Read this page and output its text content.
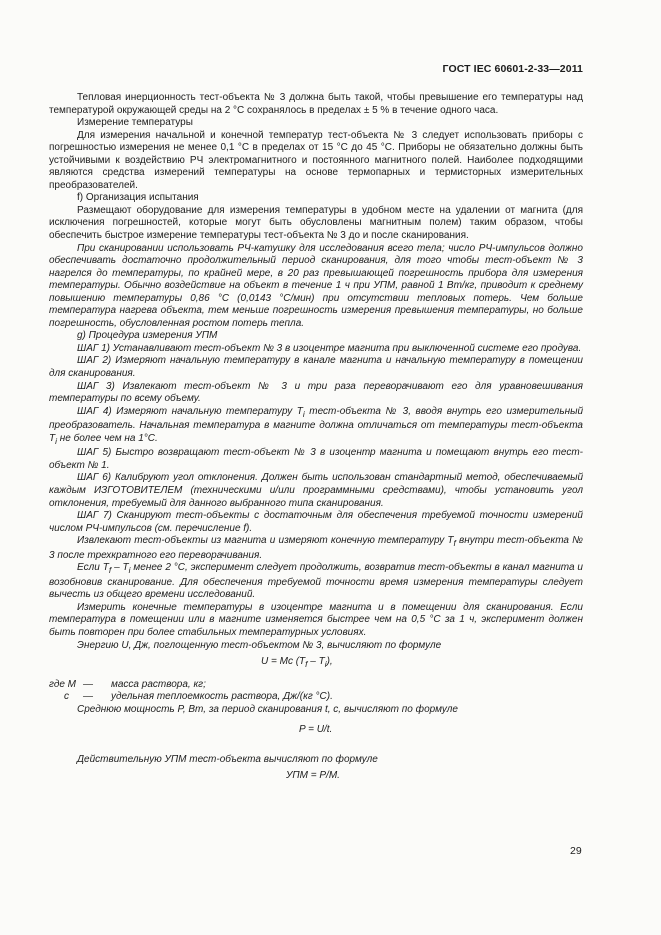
ГОСТ IEC 60601-2-33—2011

Тепловая инерционность тест-объекта № 3 должна быть такой, чтобы превышение его температуры над температурой окружающей среды на 2 °С сохранялось в пределах ± 5 % в течение одного часа.

Измерение температуры

Для измерения начальной и конечной температур тест-объекта № 3 следует использовать приборы с погрешностью измерения не менее 0,1 °С в пределах от 15 °С до 45 °С. Приборы не обязательно должны быть устойчивыми к воздействию РЧ электромагнитного и постоянного магнитного полей. Наиболее подходящими являются средства измерений температуры на основе термопарных и термисторных измерительных преобразователей.

f) Организация испытания

Размещают оборудование для измерения температуры в удобном месте на удалении от магнита (для исключения погрешностей, которые могут быть обусловлены магнитным полем) таким образом, чтобы обеспечить быстрое измерение температуры тест-объекта № 3 до и после сканирования.

При сканировании использовать РЧ-катушку для исследования всего тела; число РЧ-импульсов должно обеспечивать достаточно продолжительный период сканирования, для того чтобы тест-объект № 3 нагрелся до температуры, по крайней мере, в 20 раз превышающей погрешность прибора для измерения температуры. Обычно воздействие на объект в течение 1 ч при УПМ, равной 1 Вт/кг, приводит к среднему повышению температуры 0,86 °С (0,0143 °С/мин) при отсутствии тепловых потерь. Чем больше температура нагрева объекта, тем меньше погрешность измерения превышения температуры, но больше погрешность, обусловленная ростом потерь тепла.

g) Процедура измерения УПМ

ШАГ 1) Устанавливают тест-объект № 3 в изоцентре магнита при выключенной системе его продува.

ШАГ 2) Измеряют начальную температуру в канале магнита и начальную температуру в помещении для сканирования.

ШАГ 3) Извлекают тест-объект № 3 и три раза переворачивают его для уравновешивания температуры по всему объему.

ШАГ 4) Измеряют начальную температуру $T_i$ тест-объекта № 3, вводя внутрь его измерительный преобразователь. Начальная температура в магните должна отличаться от температуры тест-объекта $T_i$ не более чем на 1°С.

ШАГ 5) Быстро возвращают тест-объект № 3 в изоцентр магнита и помещают внутрь его тест-объект № 1.

ШАГ 6) Калибруют угол отклонения. Должен быть использован стандартный метод, обеспечиваемый каждым ИЗГОТОВИТЕЛЕМ (техническими и/или программными средствами), чтобы установить угол отклонения, требуемый для данного выбранного типа сканирования.

ШАГ 7) Сканируют тест-объекты с достаточным для обеспечения требуемой точности измерений числом РЧ-импульсов (см. перечисление f).

Извлекают тест-объекты из магнита и измеряют конечную температуру $T_f$ внутри тест-объекта № 3 после трехкратного его переворачивания.

Если $T_f - T_i$ менее 2 °С, эксперимент следует продолжить, возвратив тест-объекты в канал магнита и возобновив сканирование. Для обеспечения требуемой точности время измерения температуры следует вычесть из общего времени исследований.

Измерить конечные температуры в изоцентре магнита и в помещении для сканирования. Если температура в помещении или в магните изменяется быстрее чем на 0,5 °С за 1 ч, эксперимент должен быть повторен при более стабильных температурных условиях.

Энергию U, Дж, поглощенную тест-объектом № 3, вычисляют по формуле

U = Mc $(T_f - T_i)$,
где M —	масса раствора, кг;
c	—	удельная теплоемкость раствора, Дж/(кг °С).

Среднюю мощность P, Вт, за период сканирования t, с, вычисляют по формуле

P = U/t.

Действительную УПМ тест-объекта вычисляют по формуле

УПМ = P/M.
29
